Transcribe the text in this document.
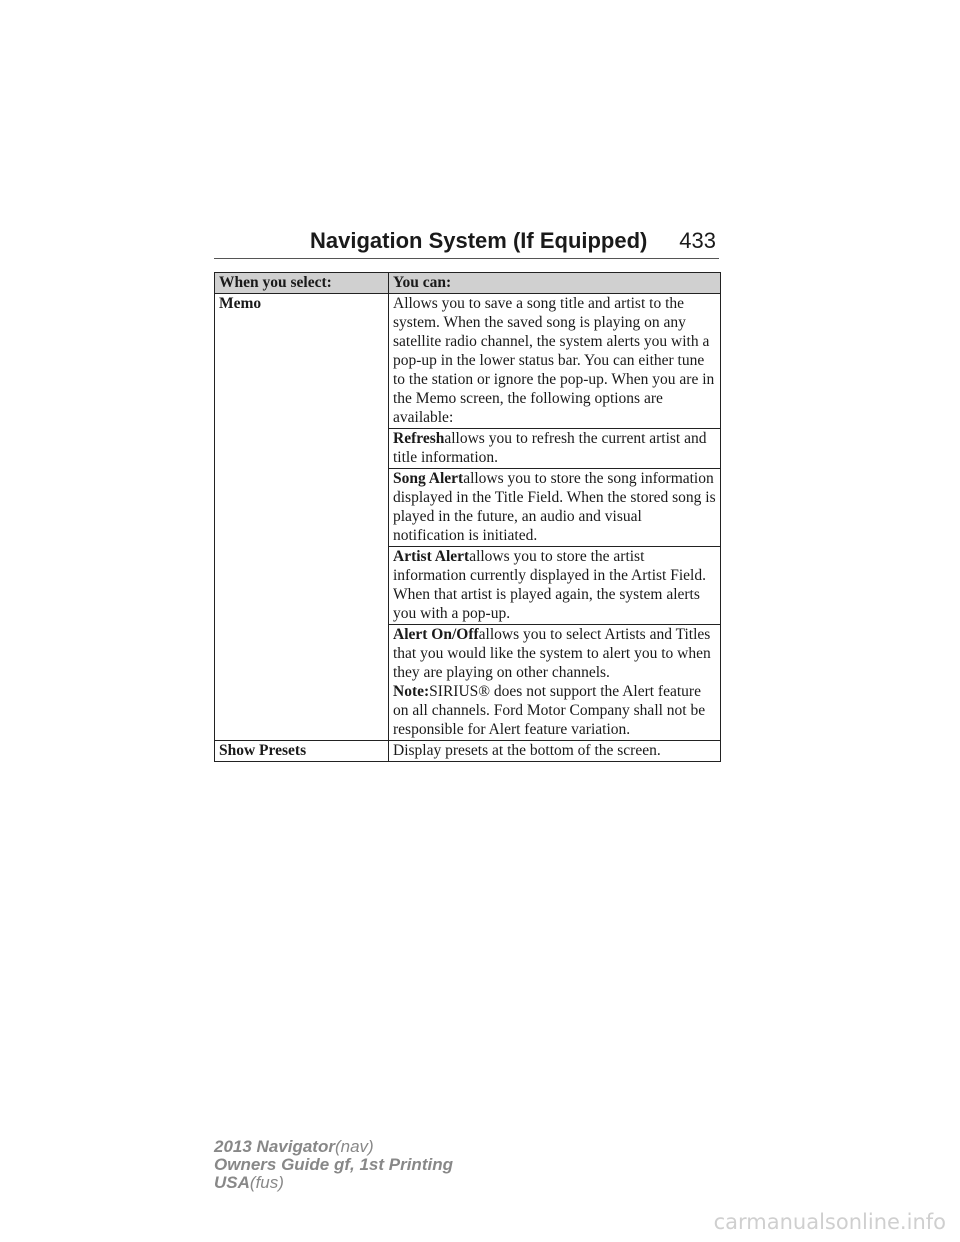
Navigation System (If Equipped) 433
When you select:	You can:
Memo	Allows you to save a song title and artist to the system. When the saved song is playing on any satellite radio channel, the system alerts you with a pop-up in the lower status bar. You can either tune to the station or ignore the pop-up. When you are in the Memo screen, the following options are available:
	Refreshallows you to refresh the current artist and title information.
	Song Alertallows you to store the song information displayed in the Title Field. When the stored song is played in the future, an audio and visual notification is initiated.
	Artist Alertallows you to store the artist information currently displayed in the Artist Field. When that artist is played again, the system alerts you with a pop-up.

	Alert On/Offallows you to select Artists and Titles that you would like the system to alert you to when they are playing on other channels.
Note:SIRIUS® does not support the Alert feature on all channels. Ford Motor Company shall not be responsible for Alert feature variation.

Show Presets	Display presets at the bottom of the screen.
2013 Navigator(nav)
Owners Guide gf, 1st Printing
USA(fus)
carmanualsonline.info
